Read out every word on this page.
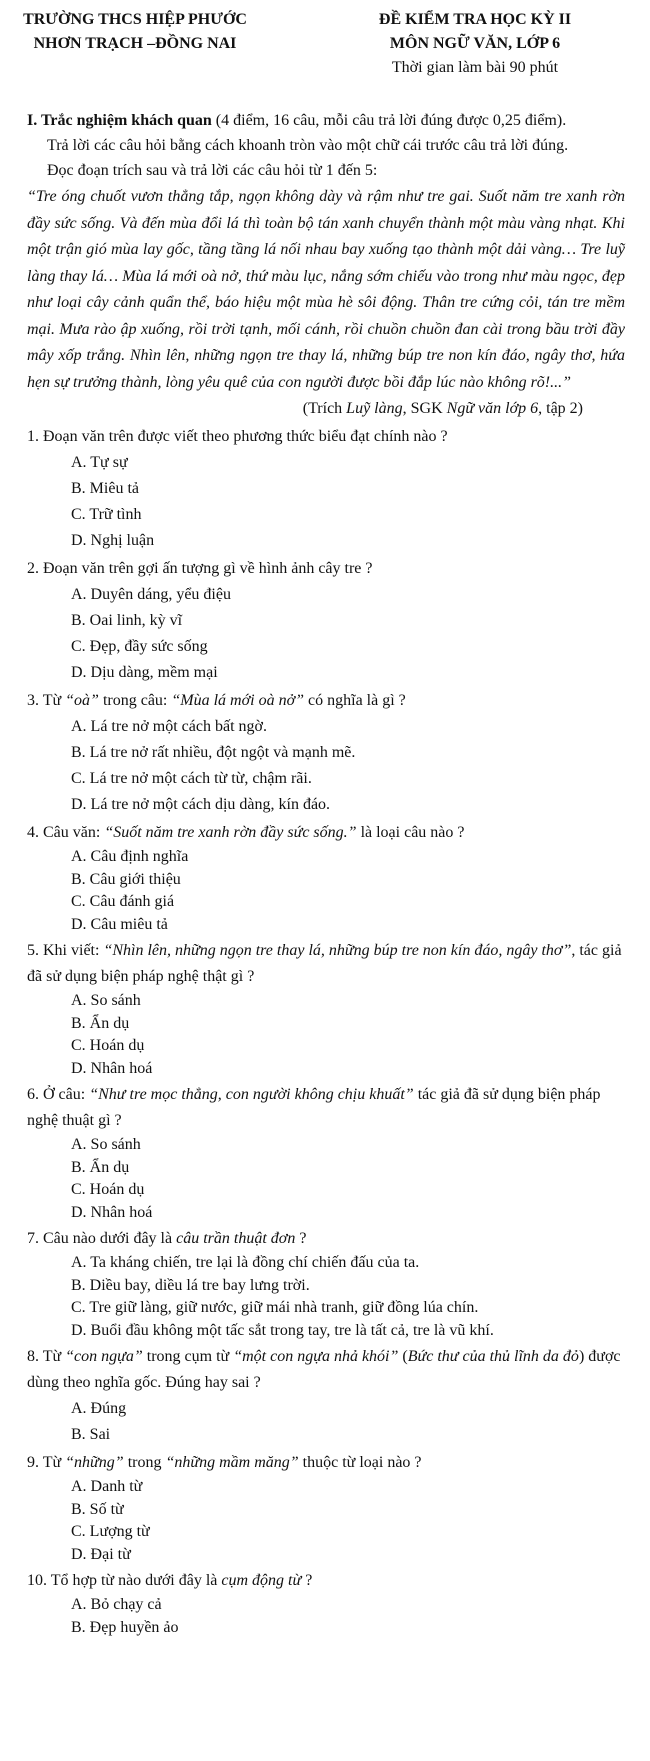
TRƯỜNG THCS HIỆP PHƯỚC
NHƠN TRẠCH –ĐỒNG NAI
ĐỀ KIỂM TRA HỌC KỲ II
MÔN NGỮ VĂN, LỚP 6
Thời gian làm bài 90 phút
I. Trắc nghiệm khách quan (4 điểm, 16 câu, mỗi câu trả lời đúng được 0,25 điểm).
Trả lời các câu hỏi bằng cách khoanh tròn vào một chữ cái trước câu trả lời đúng.
Đọc đoạn trích sau và trả lời các câu hỏi từ 1 đến 5:
“Tre óng chuốt vươn thẳng tắp, ngọn không dày và rậm như tre gai. Suốt năm tre xanh rờn đầy sức sống. Và đến mùa đổi lá thì toàn bộ tán xanh chuyển thành một màu vàng nhạt. Khi một trận gió mùa lay gốc, tầng tầng lá nối nhau bay xuống tạo thành một dải vàng… Tre luỹ làng thay lá… Mùa lá mới oà nở, thứ màu lục, nắng sớm chiếu vào trong như màu ngọc, đẹp như loại cây cảnh quẩn thể, báo hiệu một mùa hè sôi động. Thân tre cứng cỏi, tán tre mềm mại. Mưa rào ập xuống, rồi trời tạnh, mối cánh, rồi chuồn chuồn đan cài trong bầu trời đầy mây xốp trắng. Nhìn lên, những ngọn tre thay lá, những búp tre non kín đáo, ngây thơ, hứa hẹn sự trưởng thành, lòng yêu quê của con người được bồi đắp lúc nào không rõ!...”
(Trích Luỹ làng, SGK Ngữ văn lớp 6, tập 2)
1. Đoạn văn trên được viết theo phương thức biểu đạt chính nào ?
A. Tự sự
B. Miêu tả
C. Trữ tình
D. Nghị luận
2. Đoạn văn trên gợi ấn tượng gì về hình ảnh cây tre ?
A. Duyên dáng, yểu điệu
B. Oai linh, kỳ vĩ
C. Đẹp, đầy sức sống
D. Dịu dàng, mềm mại
3. Từ “oà” trong câu: “Mùa lá mới oà nở” có nghĩa là gì ?
A. Lá tre nở một cách bất ngờ.
B. Lá tre nở rất nhiều, đột ngột và mạnh mẽ.
C. Lá tre nở một cách từ từ, chậm rãi.
D. Lá tre nở một cách dịu dàng, kín đáo.
4. Câu văn: “Suốt năm tre xanh rờn đầy sức sống.” là loại câu nào ?
A. Câu định nghĩa
B. Câu giới thiệu
C. Câu đánh giá
D. Câu miêu tả
5. Khi viết: “Nhìn lên, những ngọn tre thay lá, những búp tre non kín đáo, ngây thơ”, tác giả đã sử dụng biện pháp nghệ thật gì ?
A. So sánh
B. Ẩn dụ
C. Hoán dụ
D. Nhân hoá
6. Ở câu: “Như tre mọc thẳng, con người không chịu khuất” tác giả đã sử dụng biện pháp nghệ thuật gì ?
A. So sánh
B. Ẩn dụ
C. Hoán dụ
D. Nhân hoá
7. Câu nào dưới đây là câu trần thuật đơn ?
A. Ta kháng chiến, tre lại là đồng chí chiến đấu của ta.
B. Diều bay, diều lá tre bay lưng trời.
C. Tre giữ làng, giữ nước, giữ mái nhà tranh, giữ đồng lúa chín.
D. Buổi đầu không một tấc sắt trong tay, tre là tất cả, tre là vũ khí.
8. Từ “con ngựa” trong cụm từ “một con ngựa nhả khói” (Bức thư của thủ lĩnh da đỏ) được dùng theo nghĩa gốc. Đúng hay sai ?
A. Đúng
B. Sai
9. Từ “những” trong “những mầm măng” thuộc từ loại nào ?
A. Danh từ
B. Số từ
C. Lượng từ
D. Đại từ
10. Tổ hợp từ nào dưới đây là cụm động từ ?
A. Bỏ chạy cả
B. Đẹp huyền ảo
